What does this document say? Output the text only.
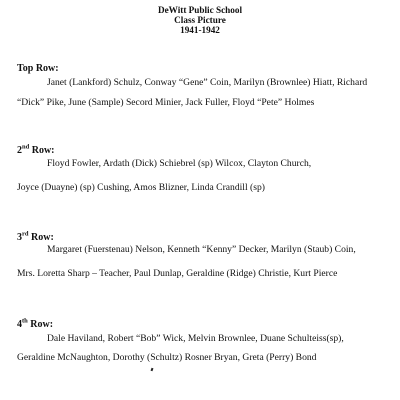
DeWitt Public School
Class Picture
1941-1942
Top Row:
Janet (Lankford) Schulz, Conway “Gene” Coin, Marilyn (Brownlee) Hiatt, Richard
“Dick” Pike, June (Sample) Secord Minier, Jack Fuller, Floyd “Pete” Holmes
2nd Row:
Floyd Fowler, Ardath (Dick) Schiebrel (sp) Wilcox, Clayton Church,
Joyce (Duayne) (sp) Cushing, Amos Blizner, Linda Crandill (sp)
3rd Row:
Margaret (Fuerstenau) Nelson, Kenneth “Kenny” Decker, Marilyn (Staub) Coin,
Mrs. Loretta Sharp – Teacher, Paul Dunlap, Geraldine (Ridge) Christie, Kurt Pierce
4th Row:
Dale Haviland, Robert “Bob” Wick, Melvin Brownlee, Duane Schulteiss(sp),
Geraldine McNaughton, Dorothy (Schultz) Rosner Bryan, Greta (Perry) Bond
